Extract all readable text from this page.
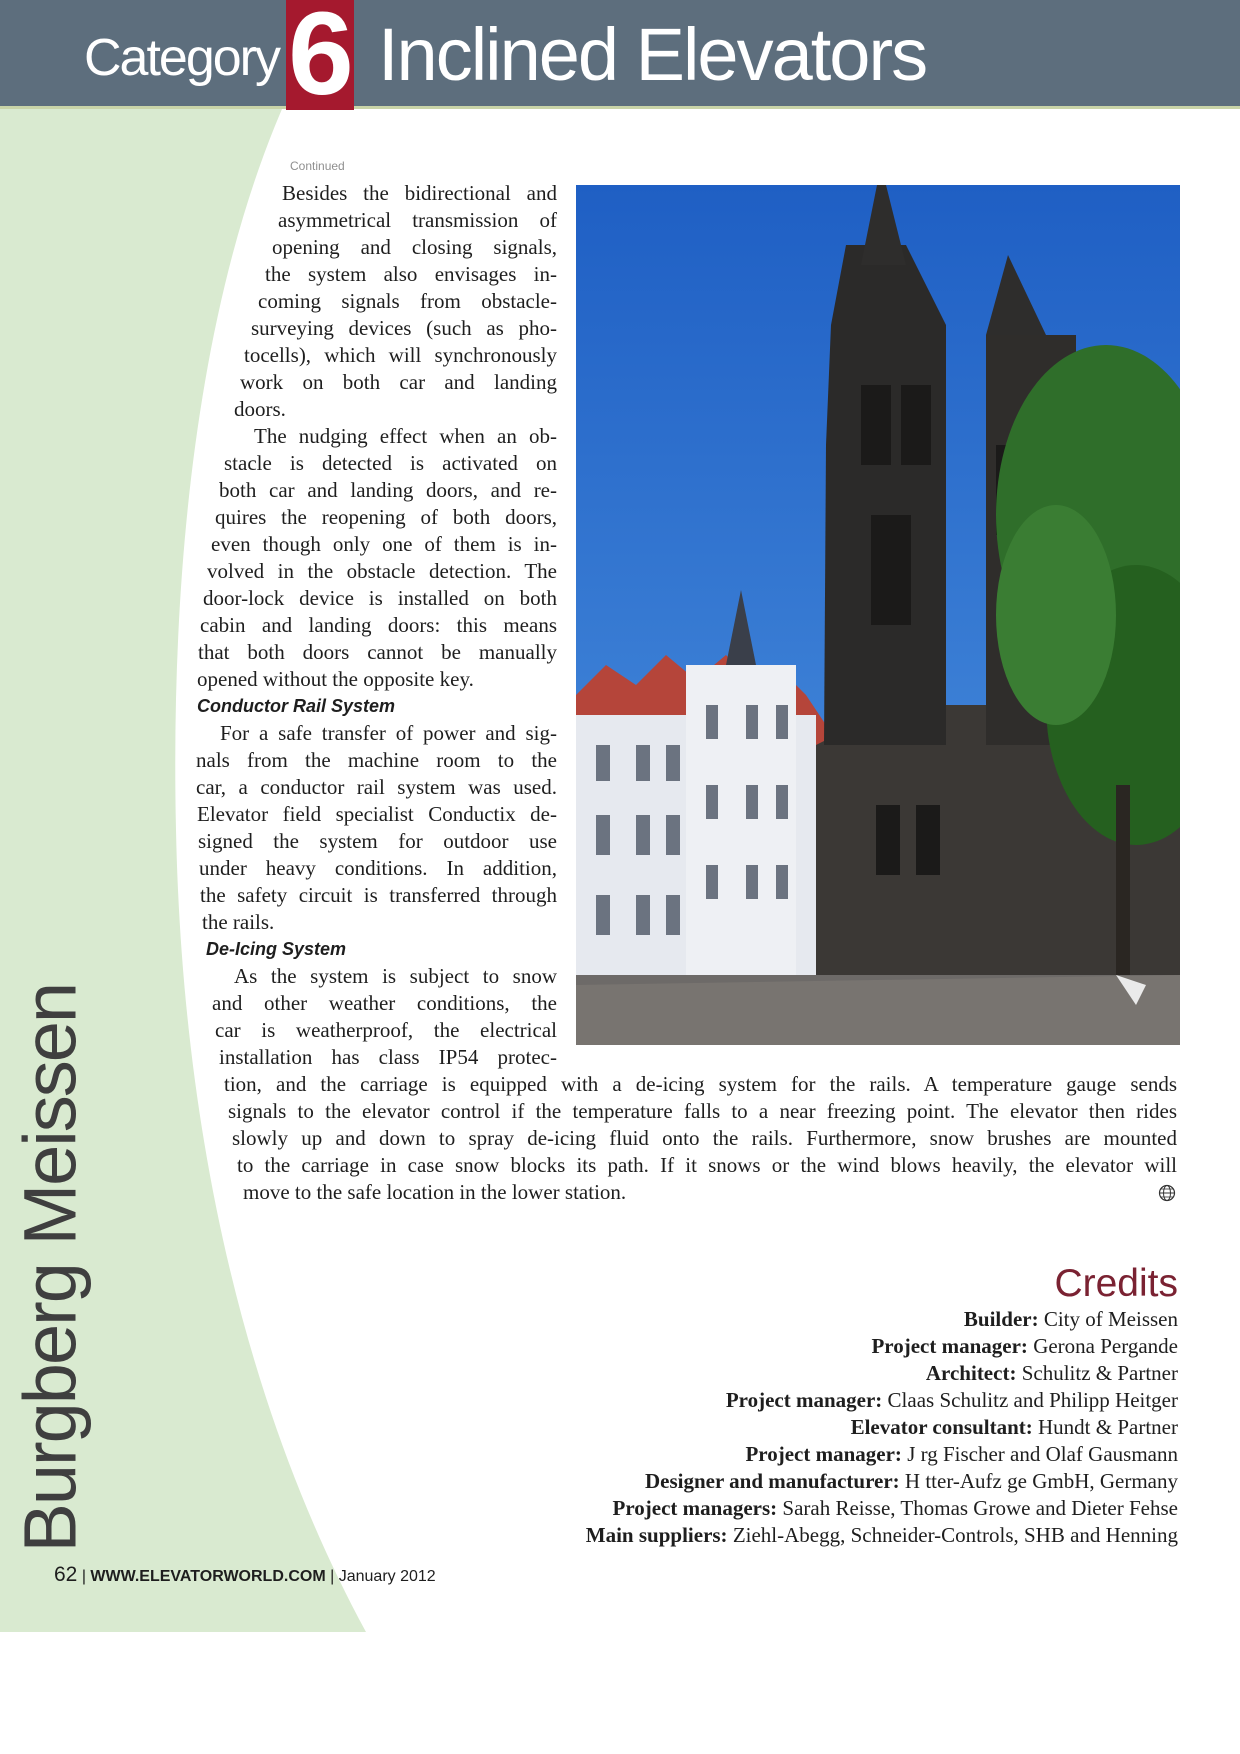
Category 6 Inclined Elevators
Burgberg Meissen
Continued
Besides the bidirectional and
asymmetrical transmission of
opening and closing signals,
the system also envisages in-
coming signals from obstacle-
surveying devices (such as pho-
tocells), which will synchronously
work on both car and landing
doors.
The nudging effect when an ob-
stacle is detected is activated on
both car and landing doors, and re-
quires the reopening of both doors,
even though only one of them is in-
volved in the obstacle detection. The
door-lock device is installed on both
cabin and landing doors: this means
that both doors cannot be manually
opened without the opposite key.
Conductor Rail System
For a safe transfer of power and sig-
nals from the machine room to the
car, a conductor rail system was used.
Elevator field specialist Conductix de-
signed the system for outdoor use
under heavy conditions. In addition,
the safety circuit is transferred through
the rails.
De-Icing System
As the system is subject to snow
and other weather conditions, the
car is weatherproof, the electrical
installation has class IP54 protec-
tion, and the carriage is equipped with a de-icing system for the rails. A temperature gauge sends
signals to the elevator control if the temperature falls to a near freezing point. The elevator then rides
slowly up and down to spray de-icing fluid onto the rails. Furthermore, snow brushes are mounted
to the carriage in case snow blocks its path. If it snows or the wind blows heavily, the elevator will
move to the safe location in the lower station.
Credits
Builder: City of Meissen
Project manager: Gerona Pergande
Architect: Schulitz & Partner
Project manager: Claas Schulitz and Philipp Heitger
Elevator consultant: Hundt & Partner
Project manager: J rg Fischer and Olaf Gausmann
Designer and manufacturer: H tter-Aufz ge GmbH, Germany
Project managers: Sarah Reisse, Thomas Growe and Dieter Fehse
Main suppliers: Ziehl-Abegg, Schneider-Controls, SHB and Henning
62 | WWW.ELEVATORWORLD.COM | January 2012
